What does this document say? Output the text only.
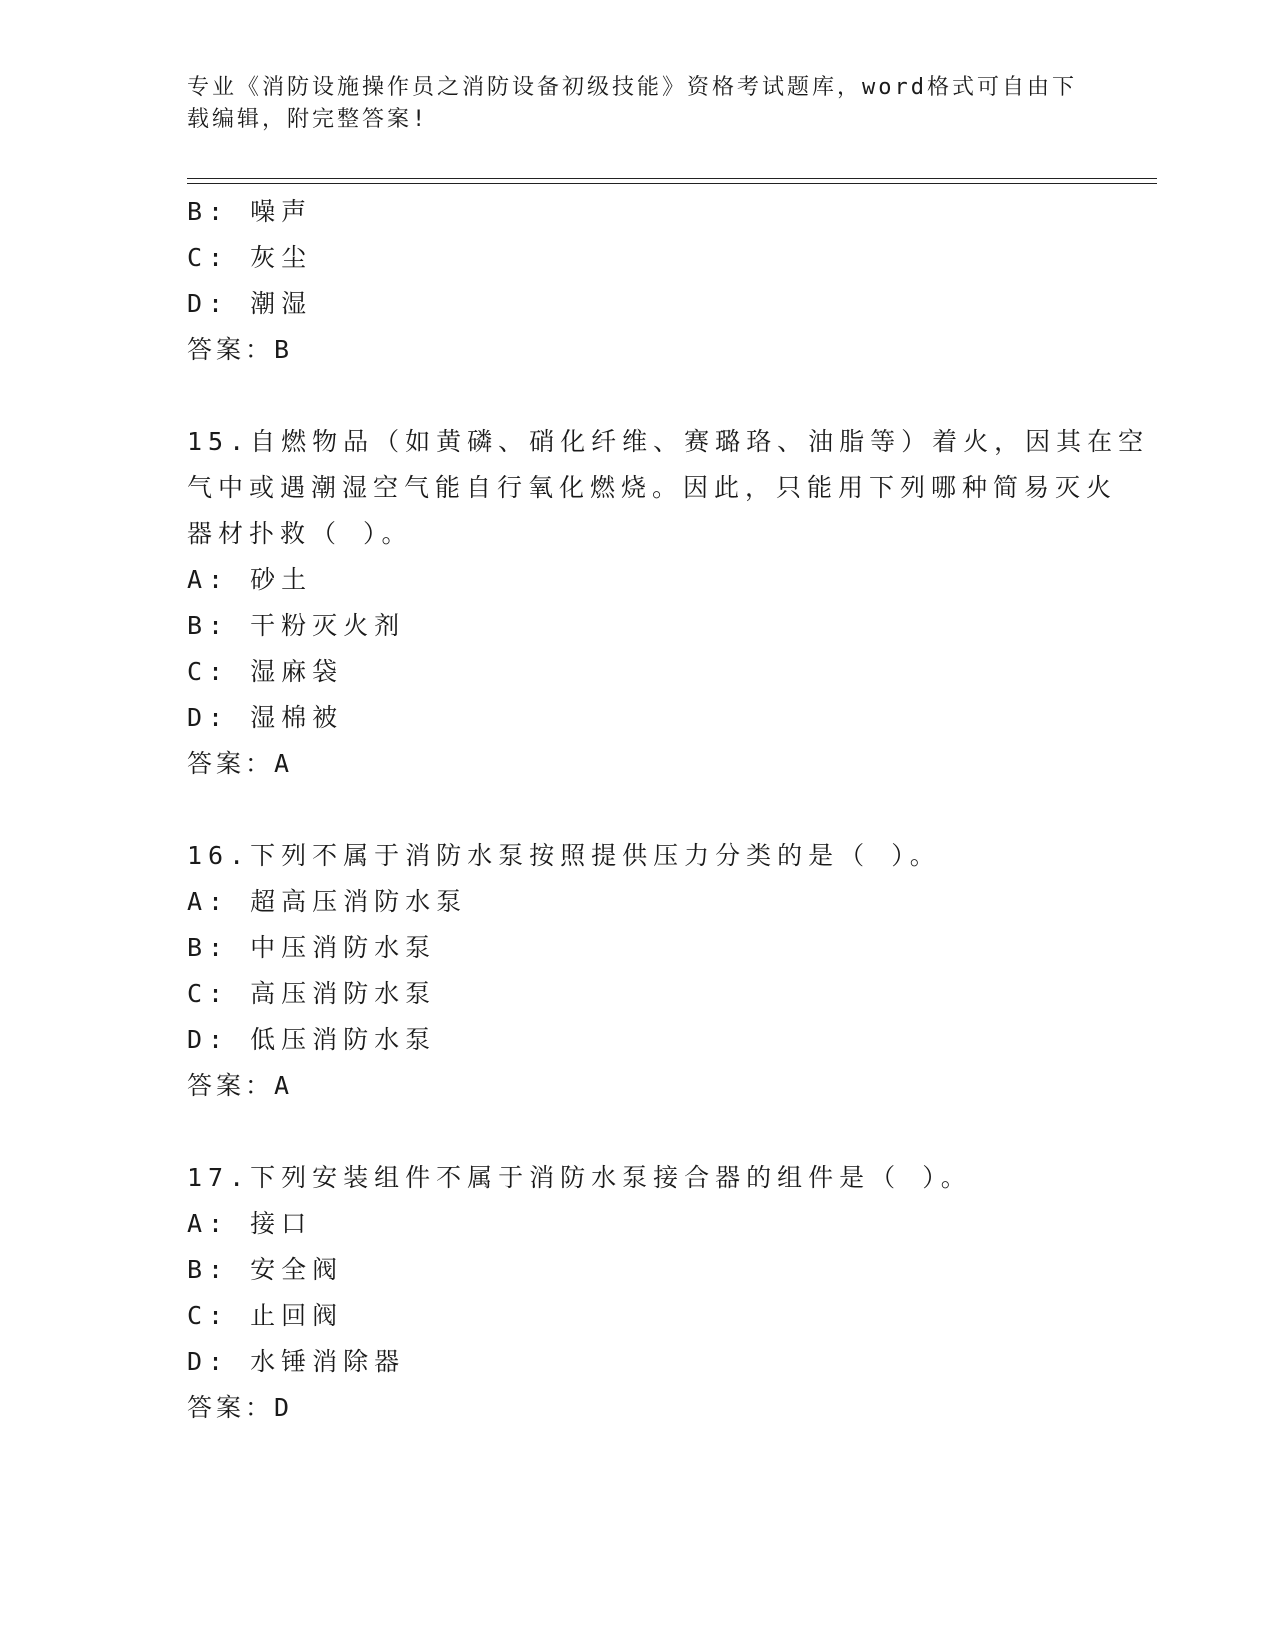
专业《消防设施操作员之消防设备初级技能》资格考试题库，word格式可自由下
载编辑，附完整答案!
B: 噪声
C: 灰尘
D: 潮湿
答案：B
15.自燃物品（如黄磷、硝化纤维、赛璐珞、油脂等）着火，因其在空
气中或遇潮湿空气能自行氧化燃烧。因此，只能用下列哪种简易灭火
器材扑救（ ）。
A: 砂土
B: 干粉灭火剂
C: 湿麻袋
D: 湿棉被
答案：A
16.下列不属于消防水泵按照提供压力分类的是（ ）。
A: 超高压消防水泵
B: 中压消防水泵
C: 高压消防水泵
D: 低压消防水泵
答案：A
17.下列安装组件不属于消防水泵接合器的组件是（ ）。
A: 接口
B: 安全阀
C: 止回阀
D: 水锤消除器
答案：D
